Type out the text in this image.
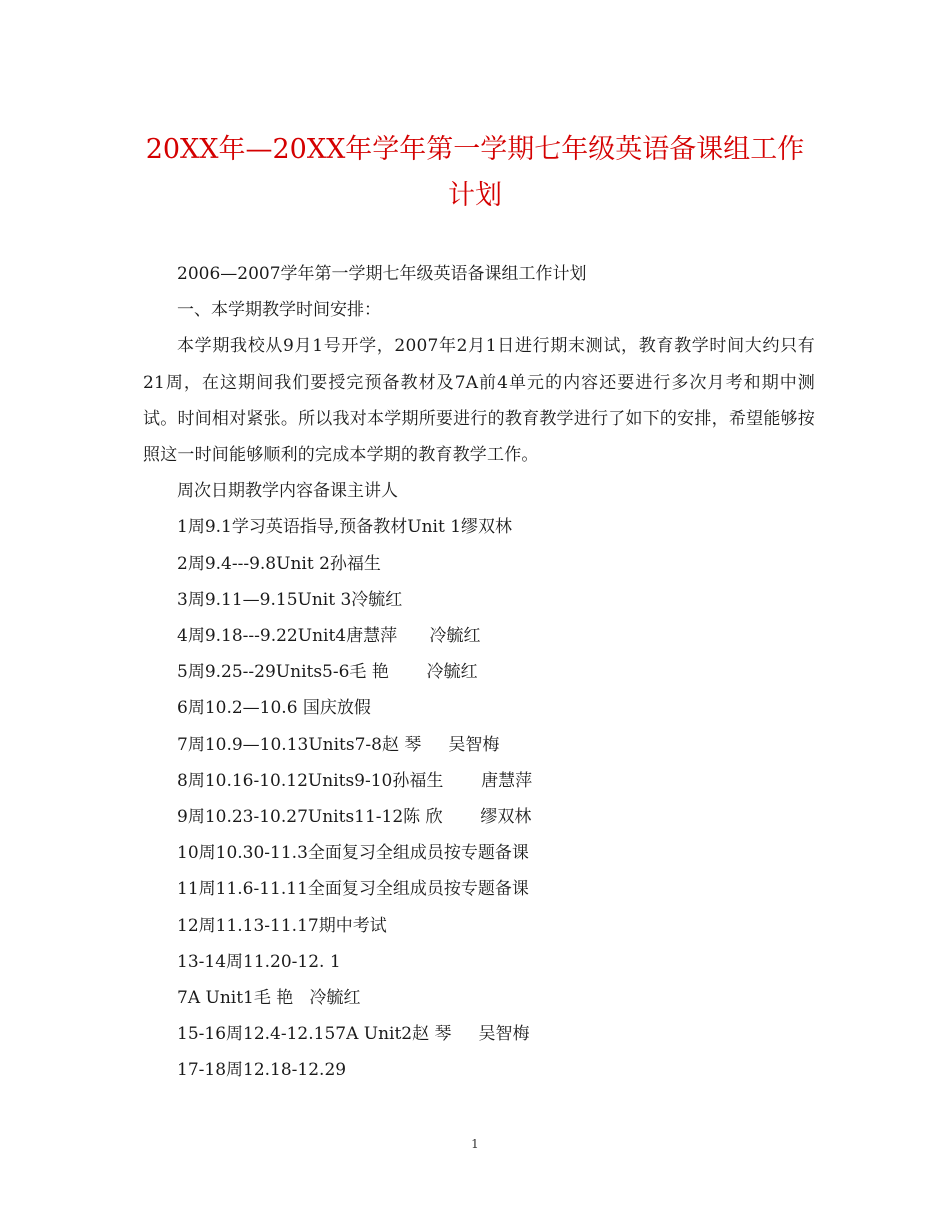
20XX年—20XX年学年第一学期七年级英语备课组工作
计划

2006—2007学年第一学期七年级英语备课组工作计划

一、本学期教学时间安排：

本学期我校从9月1号开学，2007年2月1日进行期末测试，教育教学时间大约只有21周，在这期间我们要授完预备教材及7A前4单元的内容还要进行多次月考和期中测试。时间相对紧张。所以我对本学期所要进行的教育教学进行了如下的安排，希望能够按照这一时间能够顺利的完成本学期的教育教学工作。

周次日期教学内容备课主讲人

1周9.1学习英语指导,预备教材Unit 1缪双林

2周9.4---9.8Unit 2孙福生

3周9.11—9.15Unit 3冷毓红

4周9.18---9.22Unit4唐慧萍      冷毓红

5周9.25--29Units5-6毛 艳       冷毓红

6周10.2—10.6 国庆放假

7周10.9—10.13Units7-8赵 琴     吴智梅

8周10.16-10.12Units9-10孙福生       唐慧萍

9周10.23-10.27Units11-12陈 欣       缪双林

10周10.30-11.3全面复习全组成员按专题备课

11周11.6-11.11全面复习全组成员按专题备课

12周11.13-11.17期中考试

13-14周11.20-12. 1

7A Unit1毛 艳   冷毓红

15-16周12.4-12.157A Unit2赵 琴     吴智梅

17-18周12.18-12.29

1
